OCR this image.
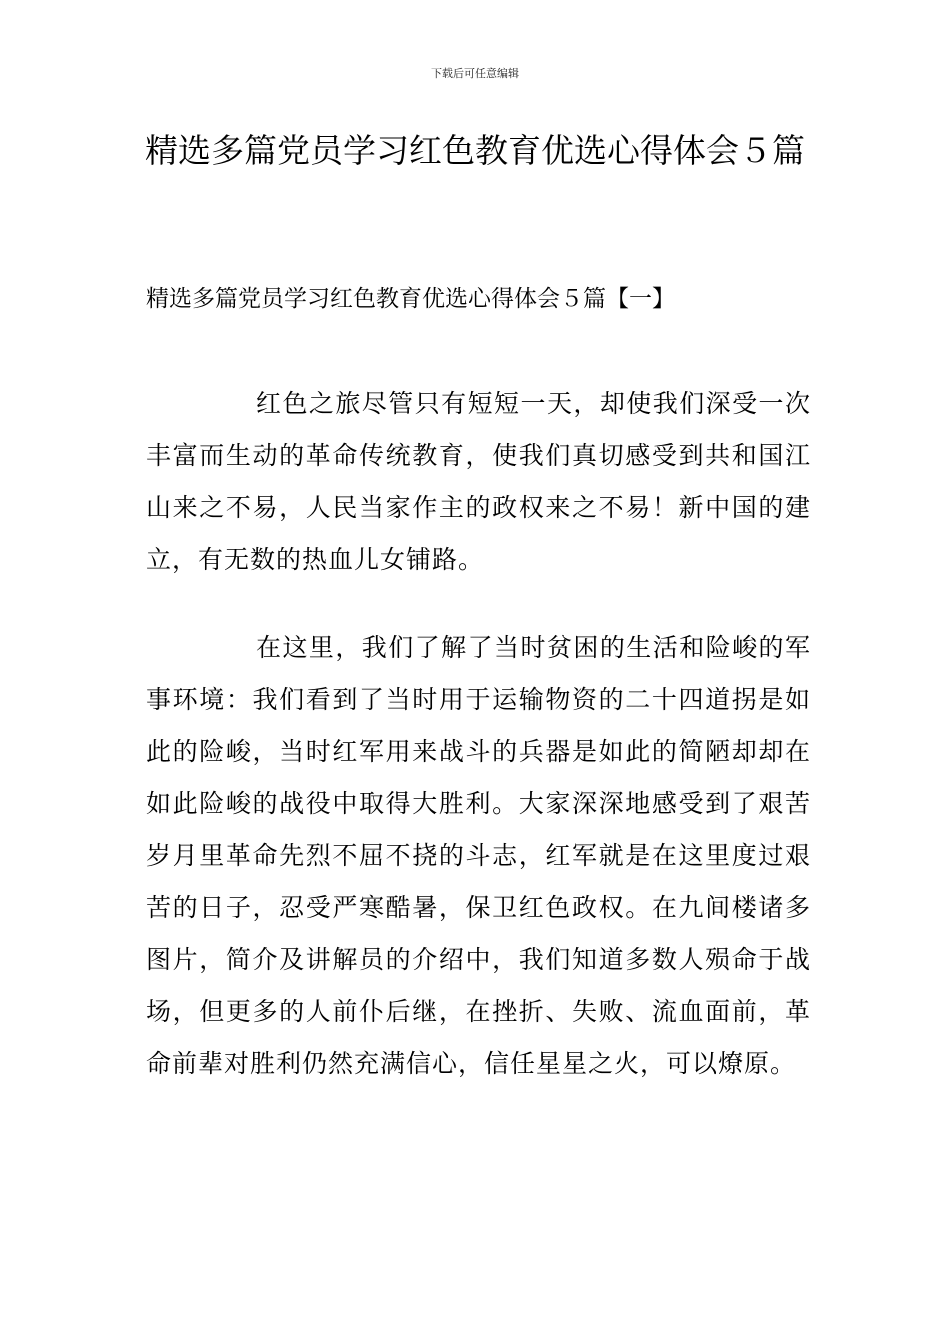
下载后可任意编辑
精选多篇党员学习红色教育优选心得体会５篇
精选多篇党员学习红色教育优选心得体会５篇【一】

红色之旅尽管只有短短一天，却使我们深受一次丰富而生动的革命传统教育，使我们真切感受到共和国江山来之不易，人民当家作主的政权来之不易！新中国的建立，有无数的热血儿女铺路。

在这里，我们了解了当时贫困的生活和险峻的军事环境：我们看到了当时用于运输物资的二十四道拐是如此的险峻，当时红军用来战斗的兵器是如此的简陋却却在如此险峻的战役中取得大胜利。大家深深地感受到了艰苦岁月里革命先烈不屈不挠的斗志，红军就是在这里度过艰苦的日子，忍受严寒酷暑，保卫红色政权。在九间楼诸多图片，简介及讲解员的介绍中，我们知道多数人殒命于战场，但更多的人前仆后继，在挫折、失败、流血面前，革命前辈对胜利仍然充满信心，信任星星之火，可以燎原。
